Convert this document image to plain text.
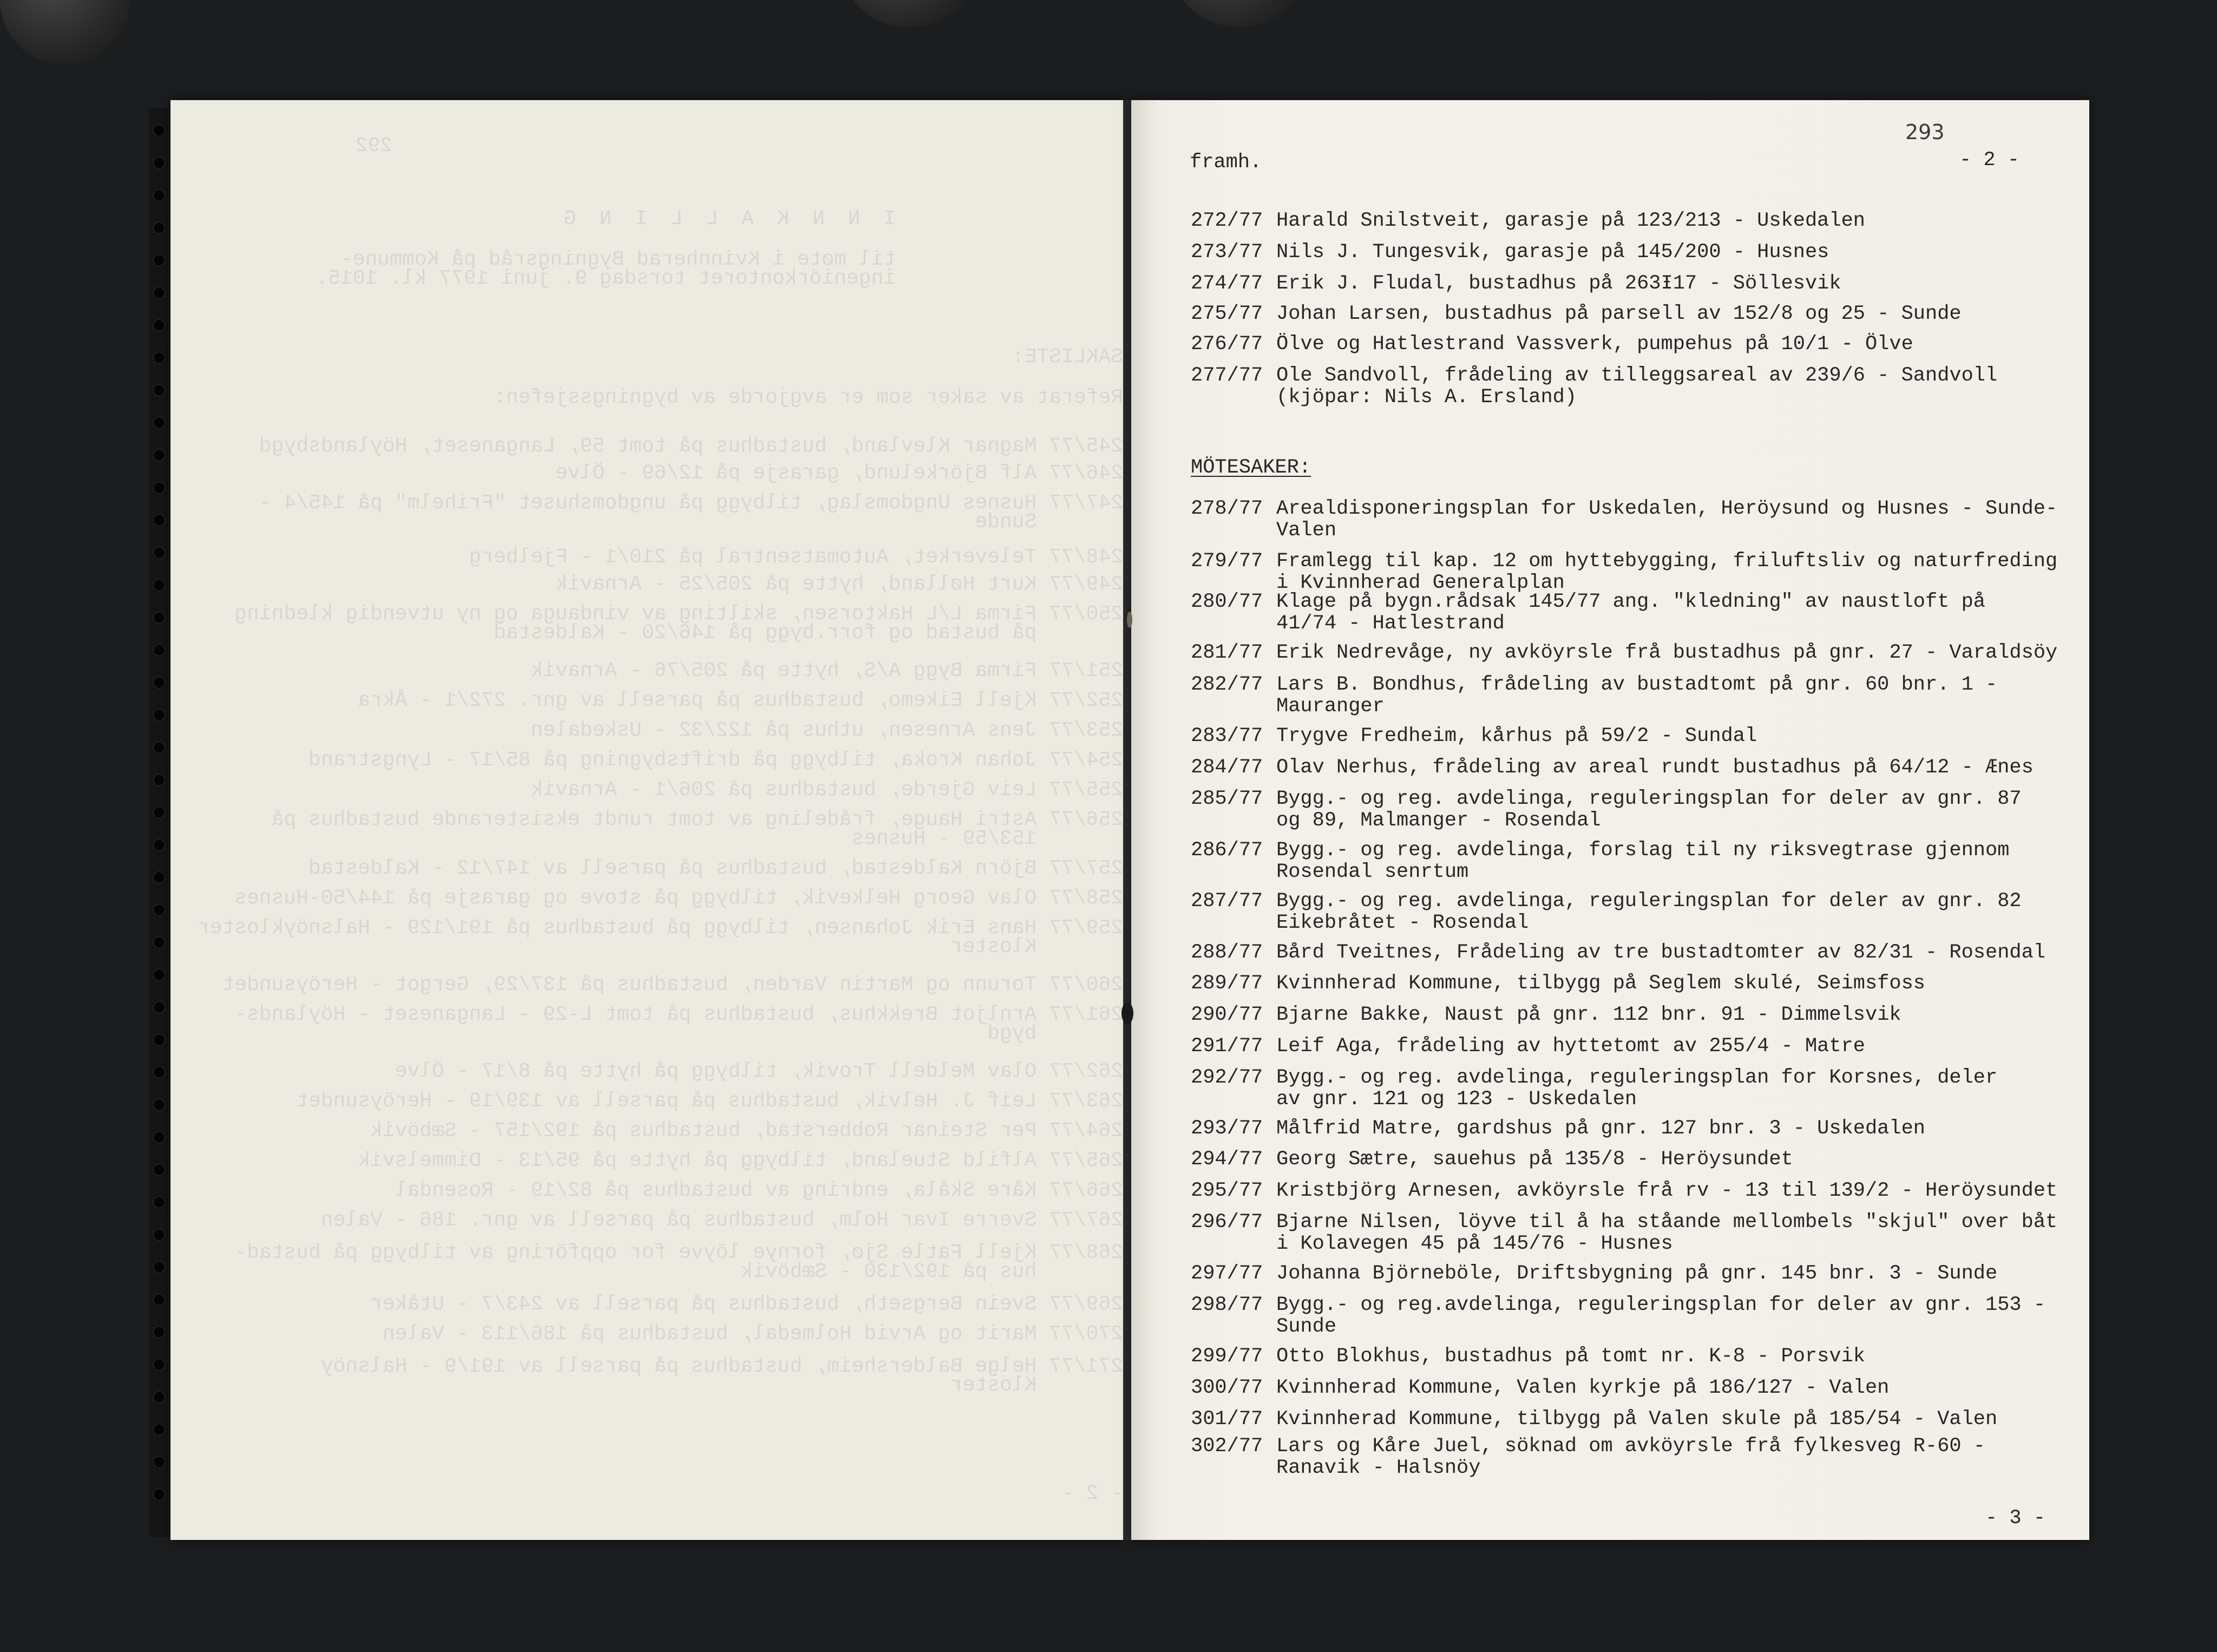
292
I N N K A L L I N G
til møte i Kvinnherad Bygningsråd på Kommune-
ingeniörkontoret torsdag 9. juni 1977 kl. 1015.
SAKLISTE:
Referat av saker som er avgjorde av bygningssjefen:
245/77 Magnar Klevland, bustadhus på tomt 59, Langaneset, Höylandsbygd
246/77 Alf Björkelund, garasje på 12/69 - Ölve
247/77 Husnes Ungdomslag, tilbygg på ungdomshuset "Frihelm" på 145/4 -
Sunde
248/77 Televerket, Automatsentral på 210/1 - Fjelberg
249/77 Kurt Hølland, hytte på 205/25 - Arnavik
250/77 Firma L/L Haktorsen, skilting av vindauga og ny utvendig kledning
på bustad og forr.bygg på 146/20 - Kaldestad
251/77 Firma Bygg A/S, hytte på 205/76 - Arnavik
252/77 Kjell Eikemo, bustadhus på parsell av gnr. 272/1 - Åkra
253/77 Jens Arnesen, uthus på 122/32 - Uskedalen
254/77 Johan Kroka, tilbygg på driftsbygning på 85/17 - Lyngstrand
255/77 Leiv Gjerde, bustadhus på 206/1 - Arnavik
256/77 Astri Hauge, frådeling av tomt rundt eksisterande bustadhus på
153/59 - Husnes
257/77 Björn Kaldestad, bustadhus på parsell av 147/12 - Kaldestad
258/77 Olav Georg Helkevik, tilbygg på stove og garasje på 144/50-Husnes
259/77 Hans Erik Johansen, tilbygg på bustadhus på 191/129 - Halsnöykloster
Kloster
260/77 Torunn og Martin Varden, bustadhus på 137/29, Gergot - Heröysundet
261/77 Arnljot Brekkhus, bustadhus på tomt L-29 - Langaneset - Höylands-
bygd
262/77 Olav Meldell Trovik, tilbygg på hytte på 8/17 - Ölve
263/77 Leif J. Helvik, bustadhus på parsell av 139/19 - Heröysundet
264/77 Per Steinar Robberstad, bustadhus på 192/157 - Sæbövik
265/77 Alfild Stueland, tilbygg på hytte på 95/13 - Dimmelsvik
266/77 Kåre Skåla, endring av bustadhus på 82/19 - Rosendal
267/77 Sverre Ivar Holm, bustadhus på parsell av gnr. 186 - Valen
268/77 Kjell Fatle Sjø, fornye löyve for oppföring av tilbygg på bustad-
hus på 192/130 - Sæbövik
269/77 Svein Bergseth, bustadhus på parsell av 243/7 - Utåker
270/77 Marit og Arvid Holmedal, bustadhus på 186/113 - Valen
271/77 Helge Baldersheim, bustadhus på parsell av 191/9 - Halsnöy
Kloster
- 2 -
293
framh.	- 2 -
272/77 Harald Snilstveit, garasje på 123/213 - Uskedalen
273/77 Nils J. Tungesvik, garasje på 145/200 - Husnes
274/77 Erik J. Fludal, bustadhus på 263Ɨ17 - Söllesvik
275/77 Johan Larsen, bustadhus på parsell av 152/8 og 25 - Sunde
276/77 Ölve og Hatlestrand Vassverk, pumpehus på 10/1 - Ölve
277/77 Ole Sandvoll, frådeling av tilleggsareal av 239/6 - Sandvoll
(kjöpar: Nils A. Ersland)
MÖTESAKER:
278/77 Arealdisponeringsplan for Uskedalen, Heröysund og Husnes - Sunde-
Valen
279/77 Framlegg til kap. 12 om hyttebygging, friluftsliv og naturfreding
i Kvinnherad Generalplan
280/77 Klage på bygn.rådsak 145/77 ang. "kledning" av naustloft på
41/74 - Hatlestrand
281/77 Erik Nedrevåge, ny avköyrsle frå bustadhus på gnr. 27 - Varaldsöy
282/77 Lars B. Bondhus, frådeling av bustadtomt på gnr. 60 bnr. 1 -
Mauranger
283/77 Trygve Fredheim, kårhus på 59/2 - Sundal
284/77 Olav Nerhus, frådeling av areal rundt bustadhus på 64/12 - Ænes
285/77 Bygg.- og reg. avdelinga, reguleringsplan for deler av gnr. 87
og 89, Malmanger - Rosendal
286/77 Bygg.- og reg. avdelinga, forslag til ny riksvegtrase gjennom
Rosendal senrtum
287/77 Bygg.- og reg. avdelinga, reguleringsplan for deler av gnr. 82
Eikebråtet - Rosendal
288/77 Bård Tveitnes, Frådeling av tre bustadtomter av 82/31 - Rosendal
289/77 Kvinnherad Kommune, tilbygg på Seglem skulé, Seimsfoss
290/77 Bjarne Bakke, Naust på gnr. 112 bnr. 91 - Dimmelsvik
291/77 Leif Aga, frådeling av hyttetomt av 255/4 - Matre
292/77 Bygg.- og reg. avdelinga, reguleringsplan for Korsnes, deler
av gnr. 121 og 123 - Uskedalen
293/77 Målfrid Matre, gardshus på gnr. 127 bnr. 3 - Uskedalen
294/77 Georg Sætre, sauehus på 135/8 - Heröysundet
295/77 Kristbjörg Arnesen, avköyrsle frå rv - 13 til 139/2 - Heröysundet
296/77 Bjarne Nilsen, löyve til å ha ståande mellombels "skjul" over båt
i Kolavegen 45 på 145/76 - Husnes
297/77 Johanna Björneböle, Driftsbygning på gnr. 145 bnr. 3 - Sunde
298/77 Bygg.- og reg.avdelinga, reguleringsplan for deler av gnr. 153 -
Sunde
299/77 Otto Blokhus, bustadhus på tomt nr. K-8 - Porsvik
300/77 Kvinnherad Kommune, Valen kyrkje på 186/127 - Valen
301/77 Kvinnherad Kommune, tilbygg på Valen skule på 185/54 - Valen
302/77 Lars og Kåre Juel, söknad om avköyrsle frå fylkesveg R-60 -
Ranavik - Halsnöy
- 3 -
